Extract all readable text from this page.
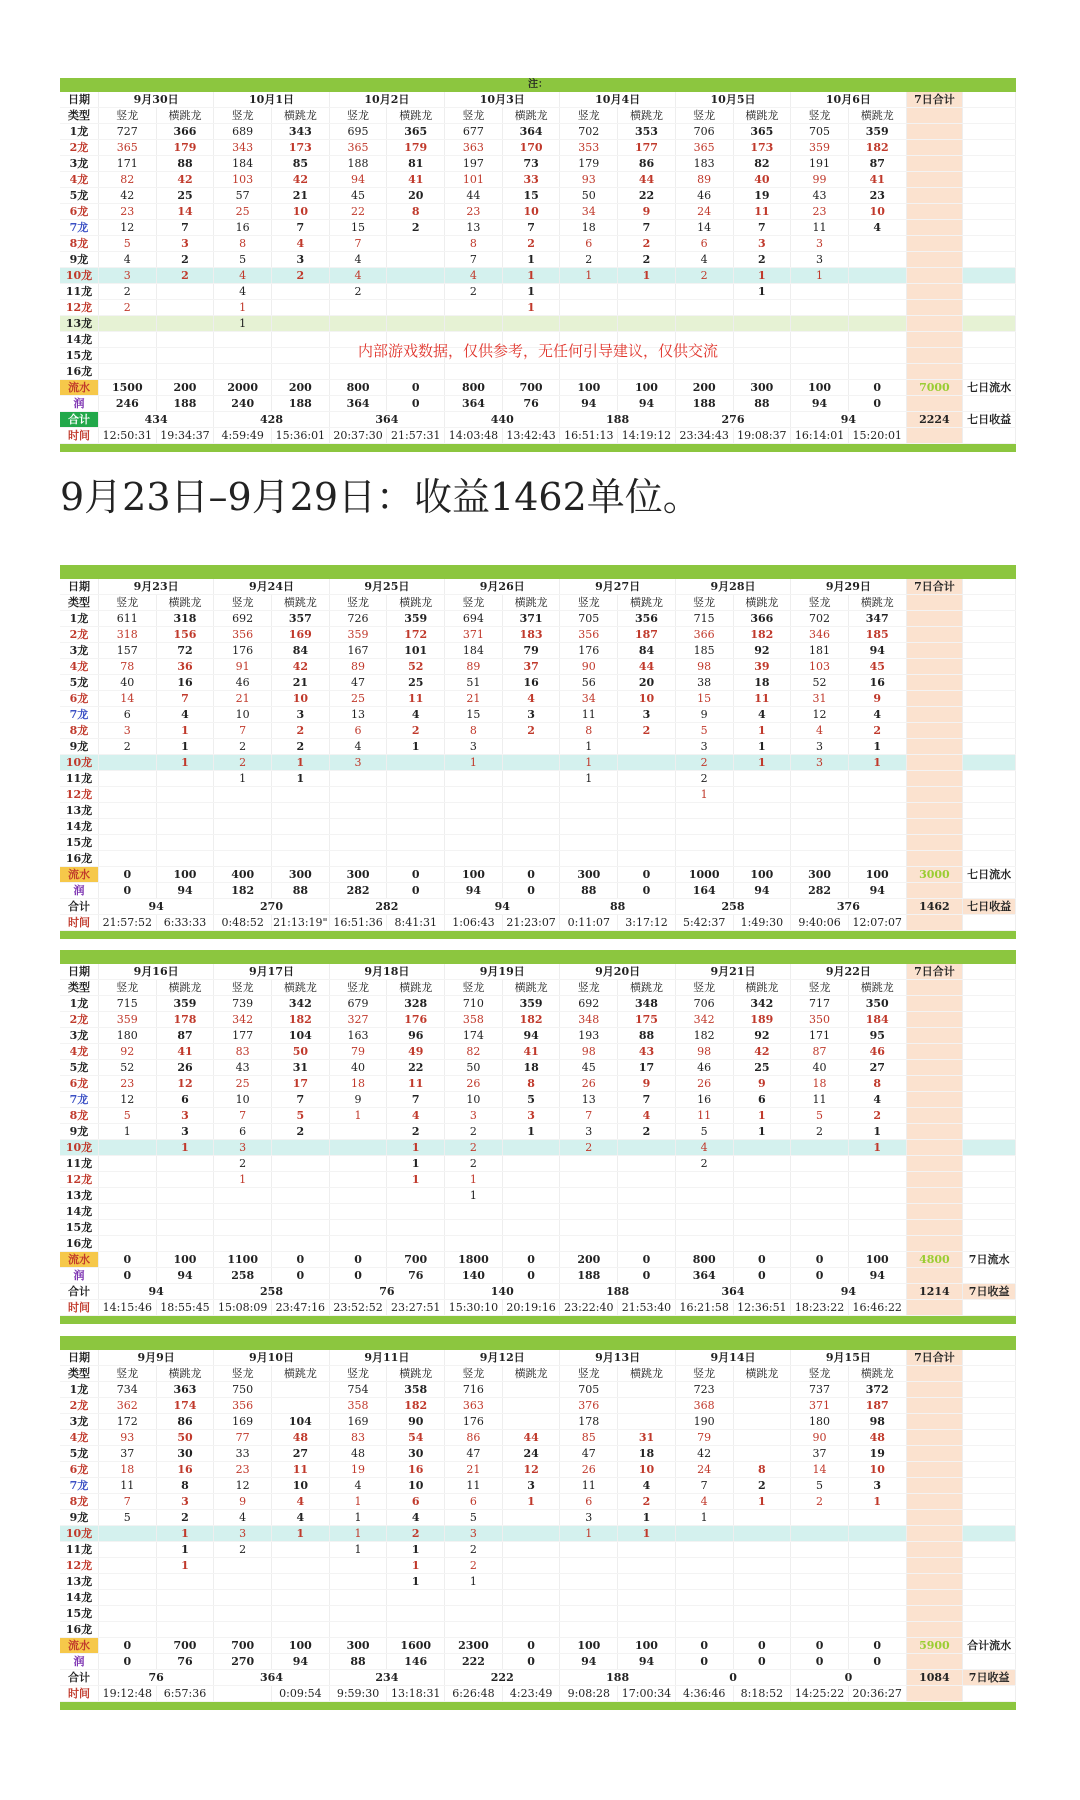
注：
日期	9月30日		10月1日		10月2日		10月3日		10月4日		10月5日		10月6日		7日合计	
类型	竖龙	横跳龙	竖龙	横跳龙	竖龙	横跳龙	竖龙	横跳龙	竖龙	横跳龙	竖龙	横跳龙	竖龙	横跳龙		
1龙	727	366	689	343	695	365	677	364	702	353	706	365	705	359		
2龙	365	179	343	173	365	179	363	170	353	177	365	173	359	182		
3龙	171	88	184	85	188	81	197	73	179	86	183	82	191	87		
4龙	82	42	103	42	94	41	101	33	93	44	89	40	99	41		
5龙	42	25	57	21	45	20	44	15	50	22	46	19	43	23		
6龙	23	14	25	10	22	8	23	10	34	9	24	11	23	10		
7龙	12	7	16	7	15	2	13	7	18	7	14	7	11	4		
8龙	5	3	8	4	7		8	2	6	2	6	3	3			
9龙	4	2	5	3	4		7	1	2	2	4	2	3			
10龙	3	2	4	2	4		4	1	1	1	2	1	1			
11龙	2		4		2		2	1				1				
12龙	2		1					1								
13龙			1													
14龙																
15龙																
16龙																
流水	1500	200	2000	200	800	0	800	700	100	100	200	300	100	0	7000	七日流水
润	246	188	240	188	364	0	364	76	94	94	188	88	94	0		
合计	434		428		364		440		188		276		94		2224	七日收益
时间	12:50:31	19:34:37	4:59:49	15:36:01	20:37:30	21:57:31	14:03:48	13:42:43	16:51:13	14:19:12	23:34:43	19:08:37	16:14:01	15:20:01		
内部游戏数据，仅供参考，无任何引导建议，仅供交流
9月23日–9月29日：收益1462单位。
日期	9月23日		9月24日		9月25日		9月26日		9月27日		9月28日		9月29日		7日合计	
类型	竖龙	横跳龙	竖龙	横跳龙	竖龙	横跳龙	竖龙	横跳龙	竖龙	横跳龙	竖龙	横跳龙	竖龙	横跳龙		
1龙	611	318	692	357	726	359	694	371	705	356	715	366	702	347		
2龙	318	156	356	169	359	172	371	183	356	187	366	182	346	185		
3龙	157	72	176	84	167	101	184	79	176	84	185	92	181	94		
4龙	78	36	91	42	89	52	89	37	90	44	98	39	103	45		
5龙	40	16	46	21	47	25	51	16	56	20	38	18	52	16		
6龙	14	7	21	10	25	11	21	4	34	10	15	11	31	9		
7龙	6	4	10	3	13	4	15	3	11	3	9	4	12	4		
8龙	3	1	7	2	6	2	8	2	8	2	5	1	4	2		
9龙	2	1	2	2	4	1	3		1		3	1	3	1		
10龙		1	2	1	3		1		1		2	1	3	1		
11龙			1	1					1		2					
12龙											1					
13龙																
14龙																
15龙																
16龙																
流水	0	100	400	300	300	0	100	0	300	0	1000	100	300	100	3000	七日流水
润	0	94	182	88	282	0	94	0	88	0	164	94	282	94		
合计	94		270		282		94		88		258		376		1462	七日收益
时间	21:57:52	6:33:33	0:48:52	21:13:19"	16:51:36	8:41:31	1:06:43	21:23:07	0:11:07	3:17:12	5:42:37	1:49:30	9:40:06	12:07:07		
日期	9月16日		9月17日		9月18日		9月19日		9月20日		9月21日		9月22日		7日合计	
类型	竖龙	横跳龙	竖龙	横跳龙	竖龙	横跳龙	竖龙	横跳龙	竖龙	横跳龙	竖龙	横跳龙	竖龙	横跳龙		
1龙	715	359	739	342	679	328	710	359	692	348	706	342	717	350		
2龙	359	178	342	182	327	176	358	182	348	175	342	189	350	184		
3龙	180	87	177	104	163	96	174	94	193	88	182	92	171	95		
4龙	92	41	83	50	79	49	82	41	98	43	98	42	87	46		
5龙	52	26	43	31	40	22	50	18	45	17	46	25	40	27		
6龙	23	12	25	17	18	11	26	8	26	9	26	9	18	8		
7龙	12	6	10	7	9	7	10	5	13	7	16	6	11	4		
8龙	5	3	7	5	1	4	3	3	7	4	11	1	5	2		
9龙	1	3	6	2		2	2	1	3	2	5	1	2	1		
10龙		1	3			1	2		2		4			1		
11龙			2			1	2				2					
12龙			1			1	1									
13龙							1									
14龙																
15龙																
16龙																
流水	0	100	1100	0	0	700	1800	0	200	0	800	0	0	100	4800	7日流水
润	0	94	258	0	0	76	140	0	188	0	364	0	0	94		
合计	94		258		76		140		188		364		94		1214	7日收益
时间	14:15:46	18:55:45	15:08:09	23:47:16	23:52:52	23:27:51	15:30:10	20:19:16	23:22:40	21:53:40	16:21:58	12:36:51	18:23:22	16:46:22		
日期	9月9日		9月10日		9月11日		9月12日		9月13日		9月14日		9月15日		7日合计	
类型	竖龙	横跳龙	竖龙	横跳龙	竖龙	横跳龙	竖龙	横跳龙	竖龙	横跳龙	竖龙	横跳龙	竖龙	横跳龙		
1龙	734	363	750		754	358	716		705		723		737	372		
2龙	362	174	356		358	182	363		376		368		371	187		
3龙	172	86	169	104	169	90	176		178		190		180	98		
4龙	93	50	77	48	83	54	86	44	85	31	79		90	48		
5龙	37	30	33	27	48	30	47	24	47	18	42		37	19		
6龙	18	16	23	11	19	16	21	12	26	10	24	8	14	10		
7龙	11	8	12	10	4	10	11	3	11	4	7	2	5	3		
8龙	7	3	9	4	1	6	6	1	6	2	4	1	2	1		
9龙	5	2	4	4	1	4	5		3	1	1					
10龙		1	3	1	1	2	3		1	1						
11龙		1	2		1	1	2									
12龙		1				1	2									
13龙						1	1									
14龙																
15龙																
16龙																
流水	0	700	700	100	300	1600	2300	0	100	100	0	0	0	0	5900	合计流水
润	0	76	270	94	88	146	222	0	94	94	0	0	0	0		
合计	76		364		234		222		188		0		0		1084	7日收益
时间	19:12:48	6:57:36		0:09:54	9:59:30	13:18:31	6:26:48	4:23:49	9:08:28	17:00:34	4:36:46	8:18:52	14:25:22	20:36:27		
